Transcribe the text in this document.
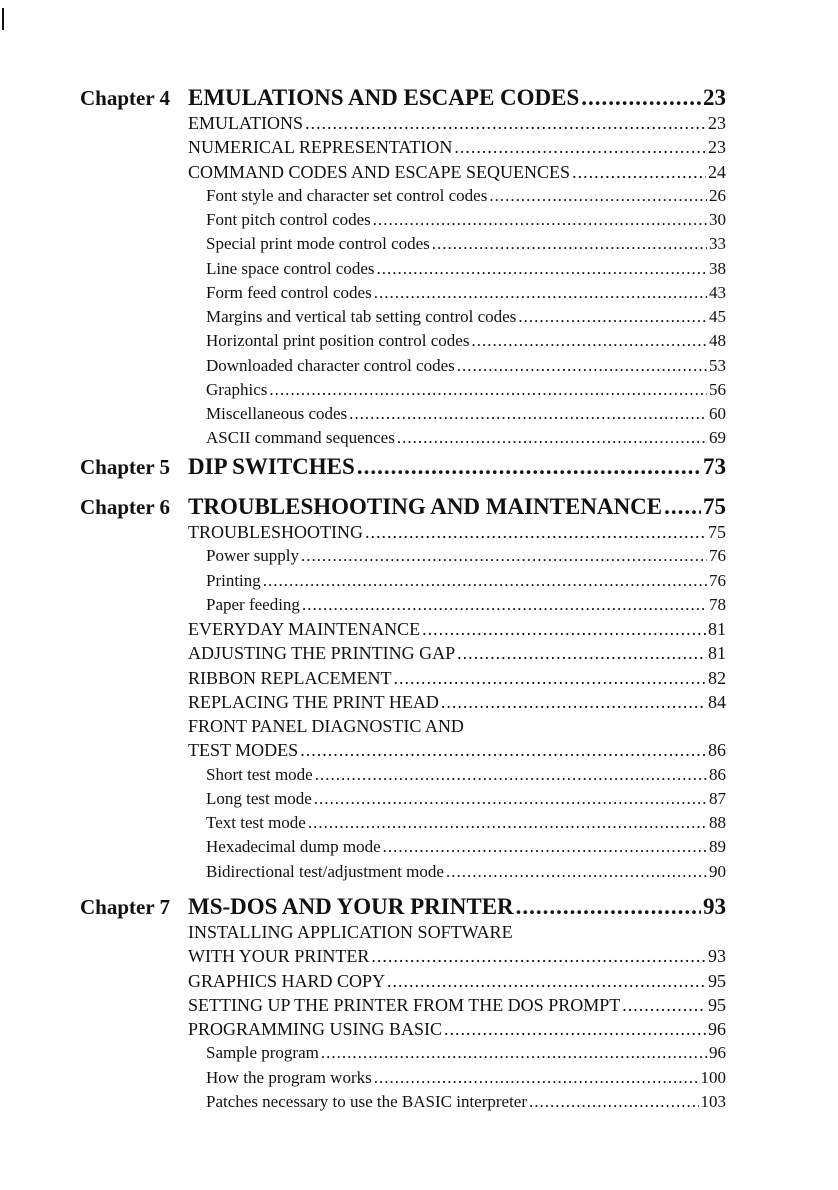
Chapter 4 EMULATIONS AND ESCAPE CODES .....	23
EMULATIONS .....	23
NUMERICAL REPRESENTATION .....	23
COMMAND CODES AND ESCAPE SEQUENCES .....	24
Font style and character set control codes .....	26
Font pitch control codes .....	30
Special print mode control codes .....	33
Line space control codes .....	38
Form feed control codes .....	43
Margins and vertical tab setting control codes .....	45
Horizontal print position control codes .....	48
Downloaded character control codes .....	53
Graphics .....	56
Miscellaneous codes .....	60
ASCII command sequences .....	69
Chapter 5 DIP SWITCHES .....	73
Chapter 6 TROUBLESHOOTING AND MAINTENANCE ..... 75
TROUBLESHOOTING .....	75
Power supply .....	76
Printing .....	76
Paper feeding .....	78
EVERYDAY MAINTENANCE .....	81
ADJUSTING THE PRINTING GAP .....	81
RIBBON REPLACEMENT .....	82
REPLACING THE PRINT HEAD .....	84
FRONT PANEL DIAGNOSTIC AND
TEST MODES .....	86
Short test mode .....	86
Long test mode .....	87
Text test mode .....	88
Hexadecimal dump mode .....	89
Bidirectional test/adjustment mode .....	90
Chapter 7 MS-DOS AND YOUR PRINTER .....	93
INSTALLING APPLICATION SOFTWARE
WITH YOUR PRINTER .....	93
GRAPHICS HARD COPY .....	95
SETTING UP THE PRINTER FROM THE DOS PROMPT .....	95
PROGRAMMING USING BASIC .....	96
Sample program .....	96
How the program works .....	100
Patches necessary to use the BASIC interpreter .....	103
